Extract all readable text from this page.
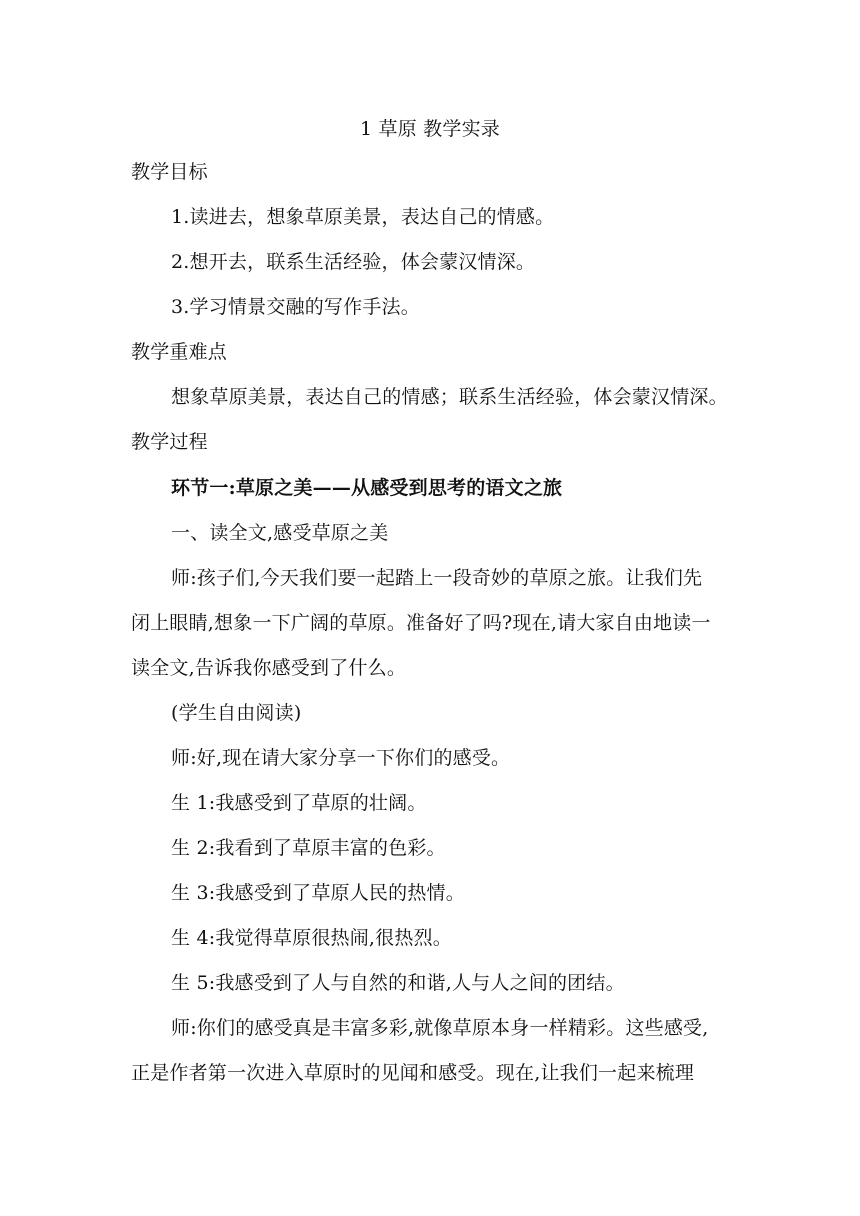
1 草原 教学实录
教学目标
1.读进去，想象草原美景，表达自己的情感。
2.想开去，联系生活经验，体会蒙汉情深。
3.学习情景交融的写作手法。
教学重难点
想象草原美景，表达自己的情感；联系生活经验，体会蒙汉情深。
教学过程
环节一:草原之美——从感受到思考的语文之旅
一、读全文,感受草原之美
师:孩子们,今天我们要一起踏上一段奇妙的草原之旅。让我们先
闭上眼睛,想象一下广阔的草原。准备好了吗?现在,请大家自由地读一
读全文,告诉我你感受到了什么。
(学生自由阅读)
师:好,现在请大家分享一下你们的感受。
生 1:我感受到了草原的壮阔。
生 2:我看到了草原丰富的色彩。
生 3:我感受到了草原人民的热情。
生 4:我觉得草原很热闹,很热烈。
生 5:我感受到了人与自然的和谐,人与人之间的团结。
师:你们的感受真是丰富多彩,就像草原本身一样精彩。这些感受,
正是作者第一次进入草原时的见闻和感受。现在,让我们一起来梳理
